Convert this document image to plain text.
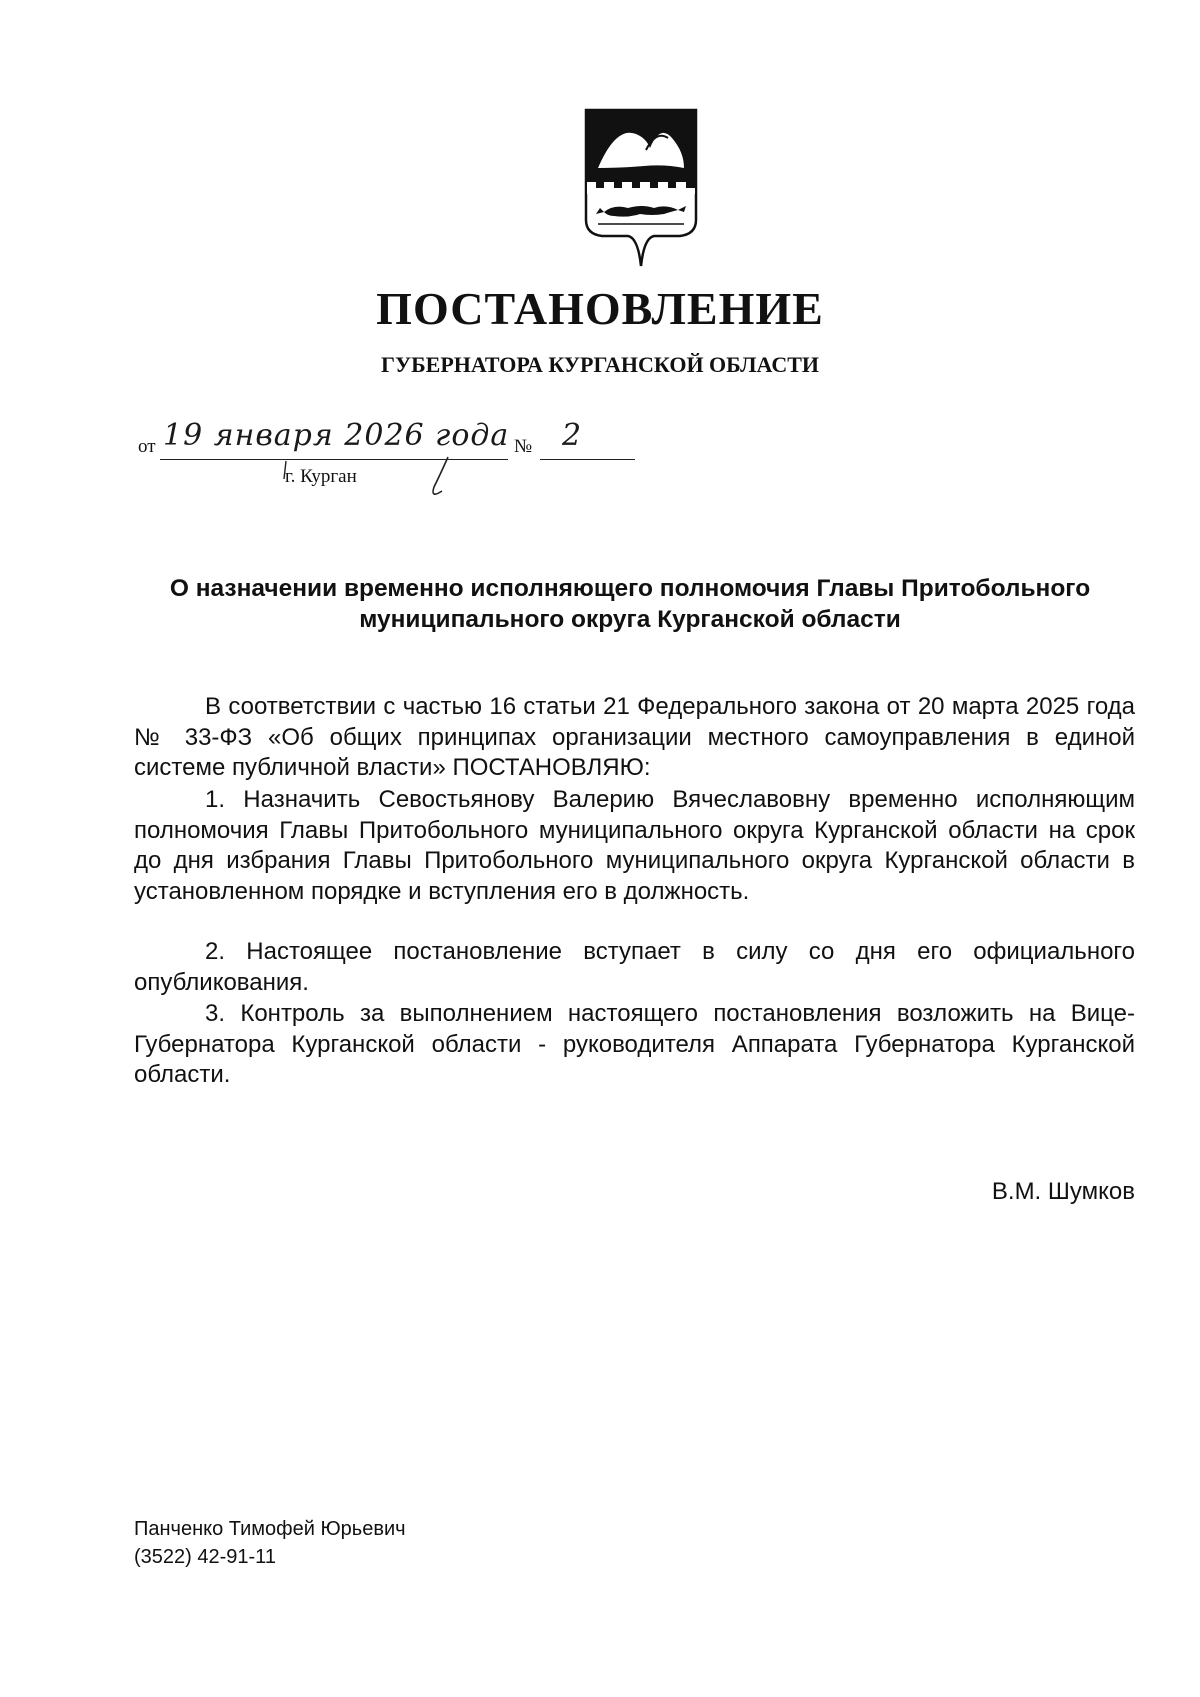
ПОСТАНОВЛЕНИЕ
ГУБЕРНАТОРА КУРГАНСКОЙ ОБЛАСТИ
от 19 января 2026 года № 2
г. Курган
О назначении временно исполняющего полномочия Главы Притобольного
муниципального округа Курганской области
В соответствии с частью 16 статьи 21 Федерального закона от 20 марта 2025 года № 33-ФЗ «Об общих принципах организации местного самоуправления в единой системе публичной власти» ПОСТАНОВЛЯЮ:
1. Назначить Севостьянову Валерию Вячеславовну временно исполняющим полномочия Главы Притобольного муниципального округа Курганской области на срок до дня избрания Главы Притобольного муниципального округа Курганской области в установленном порядке и вступления его в должность.
2. Настоящее постановление вступает в силу со дня его официального опубликования.
3. Контроль за выполнением настоящего постановления возложить на Вице-Губернатора Курганской области - руководителя Аппарата Губернатора Курганской области.
В.М. Шумков
Панченко Тимофей Юрьевич
(3522) 42-91-11
